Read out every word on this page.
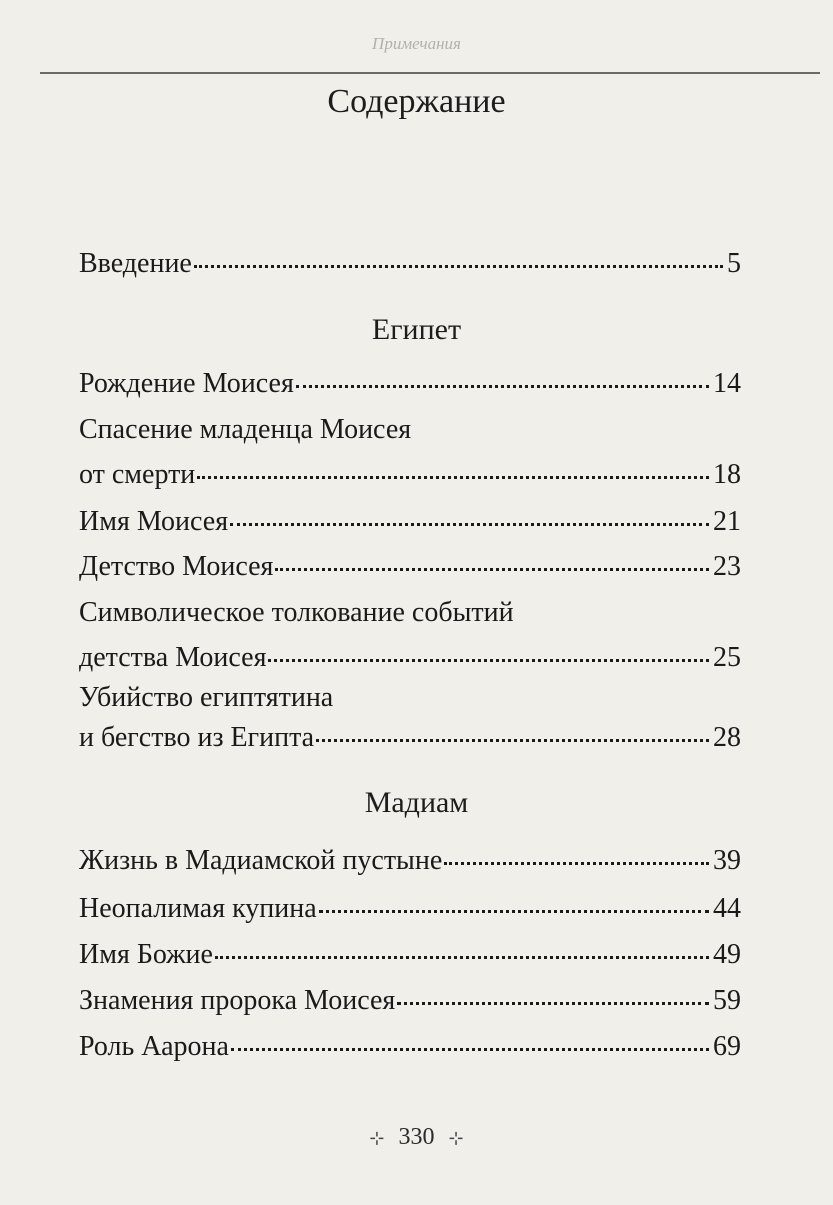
Примечания
Содержание
Введение	5
Египет
Рождение Моисея	14
Спасение младенца Моисея
от смерти	18
Имя Моисея	21
Детство Моисея	23
Символическое толкование событий
детства Моисея	25
Убийство египтятина
и бегство из Египта	28
Мадиам
Жизнь в Мадиамской пустыне	39
Неопалимая купина	44
Имя Божие	49
Знамения пророка Моисея	59
Роль Аарона	69
⊹ 330 ⊹
